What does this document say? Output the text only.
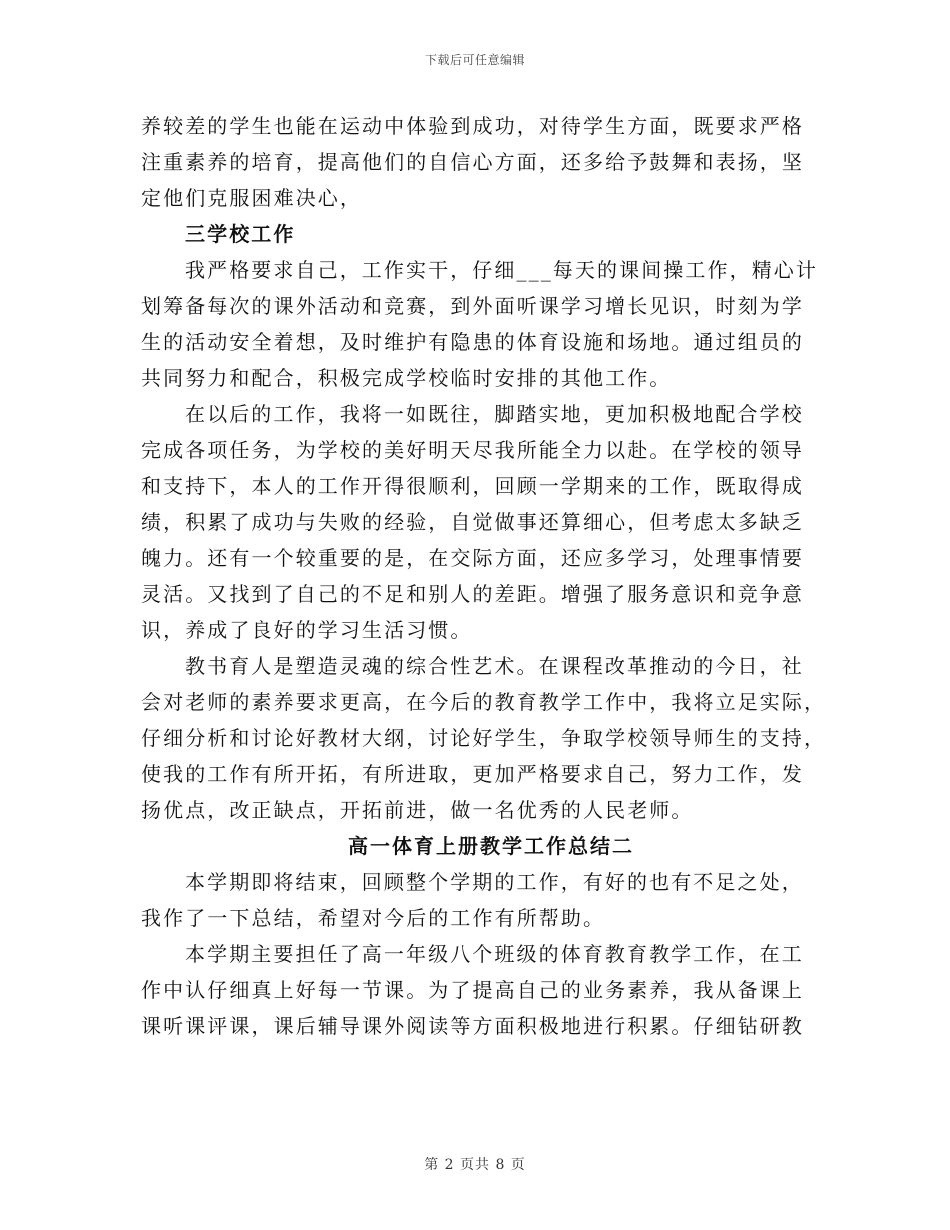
下载后可任意编辑
养较差的学生也能在运动中体验到成功，对待学生方面，既要求严格
注重素养的培育，提高他们的自信心方面，还多给予鼓舞和表扬，坚
定他们克服困难决心，
三学校工作
我严格要求自己，工作实干，仔细___每天的课间操工作，精心计
划筹备每次的课外活动和竞赛，到外面听课学习增长见识，时刻为学
生的活动安全着想，及时维护有隐患的体育设施和场地。通过组员的
共同努力和配合，积极完成学校临时安排的其他工作。
在以后的工作，我将一如既往，脚踏实地，更加积极地配合学校
完成各项任务，为学校的美好明天尽我所能全力以赴。在学校的领导
和支持下，本人的工作开得很顺利，回顾一学期来的工作，既取得成
绩，积累了成功与失败的经验，自觉做事还算细心，但考虑太多缺乏
魄力。还有一个较重要的是，在交际方面，还应多学习，处理事情要
灵活。又找到了自己的不足和别人的差距。增强了服务意识和竞争意
识，养成了良好的学习生活习惯。
教书育人是塑造灵魂的综合性艺术。在课程改革推动的今日，社
会对老师的素养要求更高，在今后的教育教学工作中，我将立足实际，
仔细分析和讨论好教材大纲，讨论好学生，争取学校领导师生的支持，
使我的工作有所开拓，有所进取，更加严格要求自己，努力工作，发
扬优点，改正缺点，开拓前进，做一名优秀的人民老师。
高一体育上册教学工作总结二
本学期即将结束，回顾整个学期的工作，有好的也有不足之处，
我作了一下总结，希望对今后的工作有所帮助。
本学期主要担任了高一年级八个班级的体育教育教学工作，在工
作中认仔细真上好每一节课。为了提高自己的业务素养，我从备课上
课听课评课，课后辅导课外阅读等方面积极地进行积累。仔细钻研教
第 2 页共 8 页
